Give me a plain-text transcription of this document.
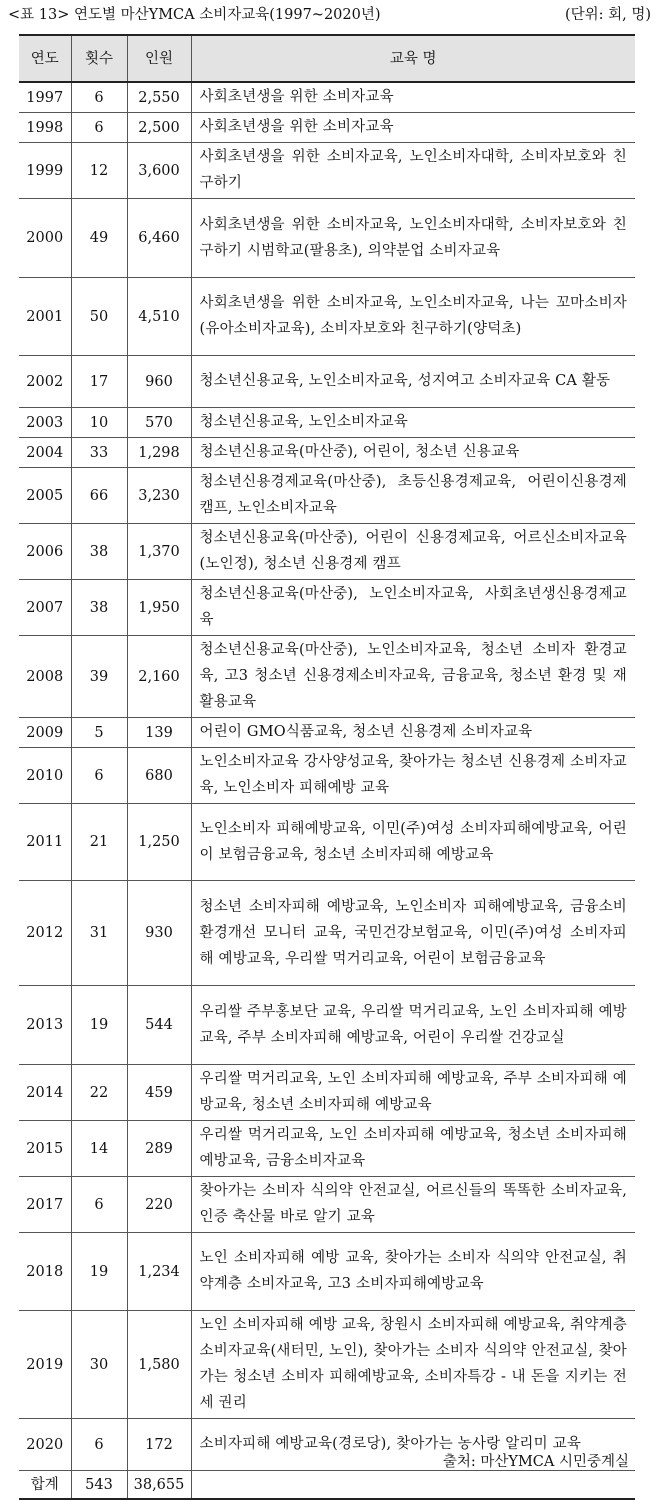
<표 13> 연도별 마산YMCA 소비자교육(1997~2020년)	(단위: 회, 명)
연도	횟수	인원	교육 명
1997	6	2,550	사회초년생을 위한 소비자교육
1998	6	2,500	사회초년생을 위한 소비자교육
1999	12	3,600	사회초년생을 위한 소비자교육, 노인소비자대학, 소비자보호와 친구하기
2000	49	6,460	사회초년생을 위한 소비자교육, 노인소비자대학, 소비자보호와 친구하기 시범학교(팔용초), 의약분업 소비자교육
2001	50	4,510	사회초년생을 위한 소비자교육, 노인소비자교육, 나는 꼬마소비자(유아소비자교육), 소비자보호와 친구하기(양덕초)
2002	17	960	청소년신용교육, 노인소비자교육, 성지여고 소비자교육 CA 활동
2003	10	570	청소년신용교육, 노인소비자교육
2004	33	1,298	청소년신용교육(마산중), 어린이, 청소년 신용교육
2005	66	3,230	청소년신용경제교육(마산중), 초등신용경제교육, 어린이신용경제캠프, 노인소비자교육
2006	38	1,370	청소년신용교육(마산중), 어린이 신용경제교육, 어르신소비자교육(노인정), 청소년 신용경제 캠프
2007	38	1,950	청소년신용교육(마산중), 노인소비자교육, 사회초년생신용경제교육
2008	39	2,160	청소년신용교육(마산중), 노인소비자교육, 청소년 소비자 환경교육, 고3 청소년 신용경제소비자교육, 금융교육, 청소년 환경 및 재활용교육
2009	5	139	어린이 GMO식품교육, 청소년 신용경제 소비자교육
2010	6	680	노인소비자교육 강사양성교육, 찾아가는 청소년 신용경제 소비자교육, 노인소비자 피해예방 교육
2011	21	1,250	노인소비자 피해예방교육, 이민(주)여성 소비자피해예방교육, 어린이 보험금융교육, 청소년 소비자피해 예방교육
2012	31	930	청소년 소비자피해 예방교육, 노인소비자 피해예방교육, 금융소비환경개선 모니터 교육, 국민건강보험교육, 이민(주)여성 소비자피해 예방교육, 우리쌀 먹거리교육, 어린이 보험금융교육
2013	19	544	우리쌀 주부홍보단 교육, 우리쌀 먹거리교육, 노인 소비자피해 예방교육, 주부 소비자피해 예방교육, 어린이 우리쌀 건강교실
2014	22	459	우리쌀 먹거리교육, 노인 소비자피해 예방교육, 주부 소비자피해 예방교육, 청소년 소비자피해 예방교육
2015	14	289	우리쌀 먹거리교육, 노인 소비자피해 예방교육, 청소년 소비자피해 예방교육, 금융소비자교육
2017	6	220	찾아가는 소비자 식의약 안전교실, 어르신들의 똑똑한 소비자교육, 인증 축산물 바로 알기 교육
2018	19	1,234	노인 소비자피해 예방 교육, 찾아가는 소비자 식의약 안전교실, 취약계층 소비자교육, 고3 소비자피해예방교육
2019	30	1,580	노인 소비자피해 예방 교육, 창원시 소비자피해 예방교육, 취약계층 소비자교육(새터민, 노인), 찾아가는 소비자 식의약 안전교실, 찾아가는 청소년 소비자 피해예방교육, 소비자특강 - 내 돈을 지키는 전세 권리
2020	6	172	소비자피해 예방교육(경로당), 찾아가는 농사랑 알리미 교육
합계	543	38,655	
출처: 마산YMCA 시민중계실
